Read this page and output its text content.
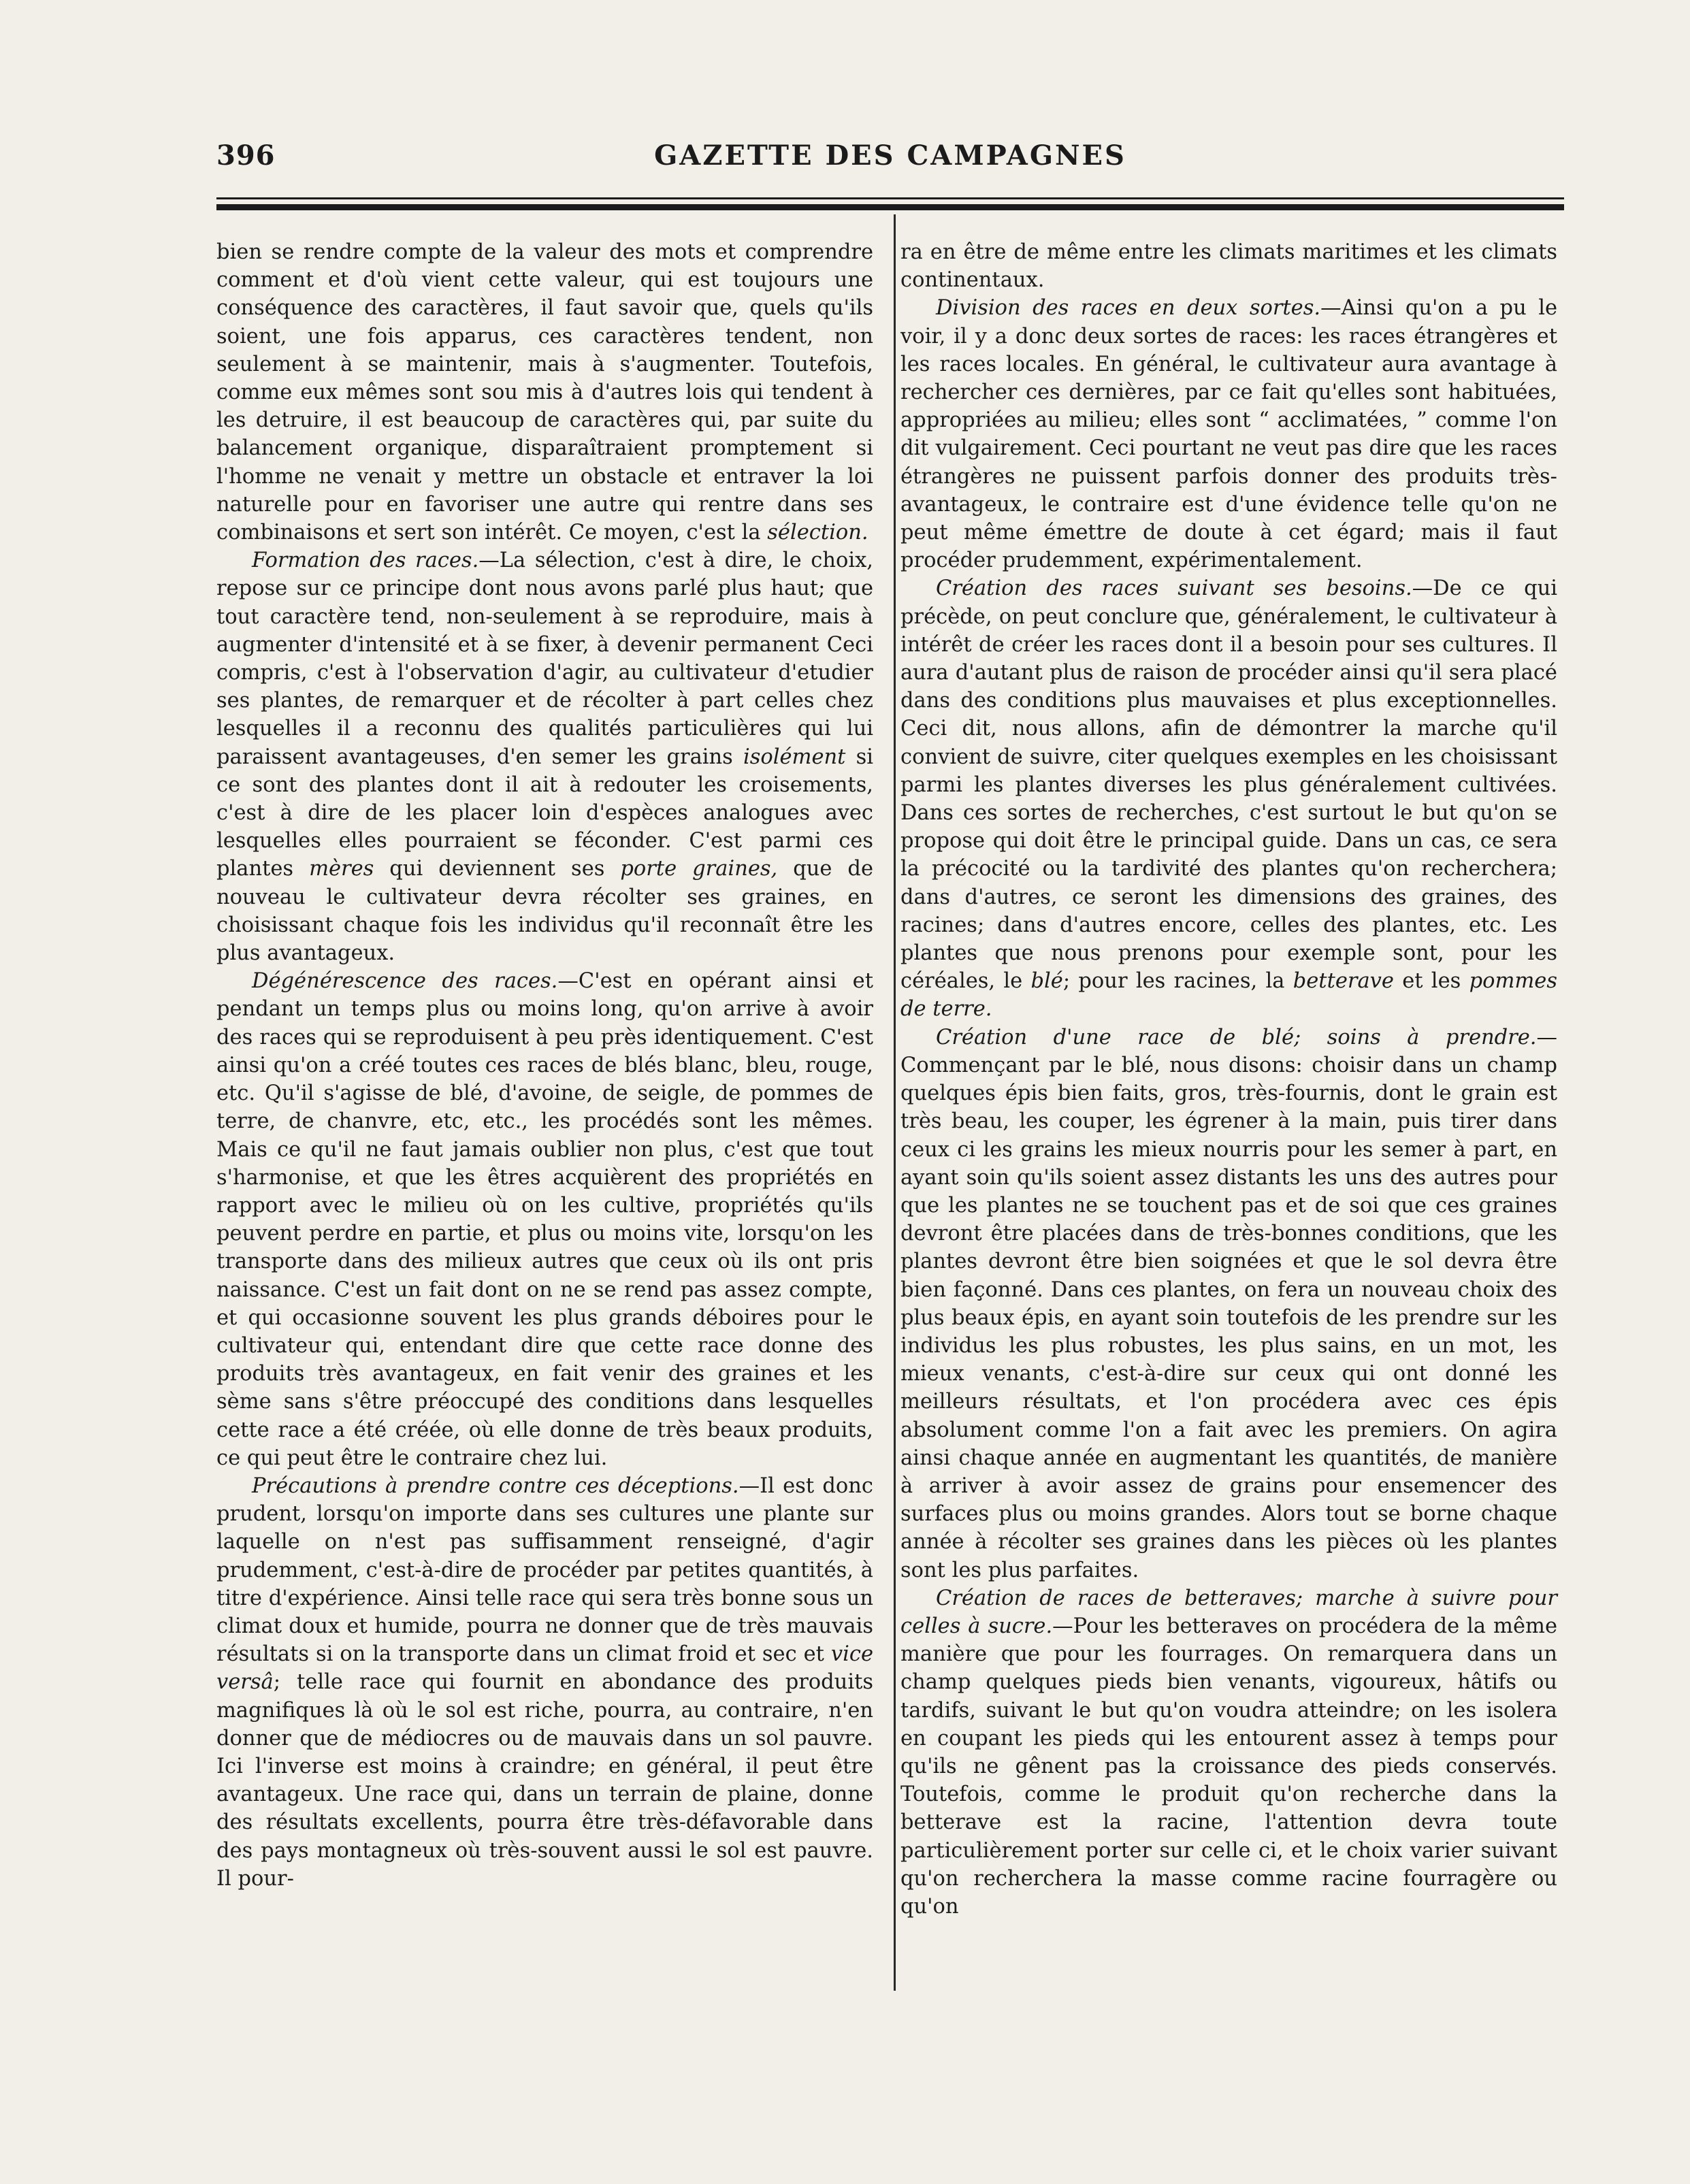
396	GAZETTE DES CAMPAGNES

bien se rendre compte de la valeur des mots et comprendre comment et d'où vient cette valeur, qui est toujours une conséquence des caractères, il faut savoir que, quels qu'ils soient, une fois apparus, ces caractères tendent, non seulement à se maintenir, mais à s'augmenter. Toutefois, comme eux mêmes sont sou mis à d'autres lois qui tendent à les detruire, il est beaucoup de caractères qui, par suite du balancement organique, disparaîtraient promptement si l'homme ne venait y mettre un obstacle et entraver la loi naturelle pour en favoriser une autre qui rentre dans ses combinaisons et sert son intérêt. Ce moyen, c'est la sélection.

Formation des races.—La sélection, c'est à dire, le choix, repose sur ce principe dont nous avons parlé plus haut; que tout caractère tend, non-seulement à se reproduire, mais à augmenter d'intensité et à se fixer, à devenir permanent Ceci compris, c'est à l'observation d'agir, au cultivateur d'etudier ses plantes, de remarquer et de récolter à part celles chez lesquelles il a reconnu des qualités particulières qui lui paraissent avantageuses, d'en semer les grains isolément si ce sont des plantes dont il ait à redouter les croisements, c'est à dire de les placer loin d'espèces analogues avec lesquelles elles pourraient se féconder. C'est parmi ces plantes mères qui deviennent ses porte graines, que de nouveau le cultivateur devra récolter ses graines, en choisissant chaque fois les individus qu'il reconnaît être les plus avantageux.

Dégénérescence des races.—C'est en opérant ainsi et pendant un temps plus ou moins long, qu'on arrive à avoir des races qui se reproduisent à peu près identiquement. C'est ainsi qu'on a créé toutes ces races de blés blanc, bleu, rouge, etc. Qu'il s'agisse de blé, d'avoine, de seigle, de pommes de terre, de chanvre, etc, etc., les procédés sont les mêmes. Mais ce qu'il ne faut jamais oublier non plus, c'est que tout s'harmonise, et que les êtres acquièrent des propriétés en rapport avec le milieu où on les cultive, propriétés qu'ils peuvent perdre en partie, et plus ou moins vite, lorsqu'on les transporte dans des milieux autres que ceux où ils ont pris naissance. C'est un fait dont on ne se rend pas assez compte, et qui occasionne souvent les plus grands déboires pour le cultivateur qui, entendant dire que cette race donne des produits très avantageux, en fait venir des graines et les sème sans s'être préoccupé des conditions dans lesquelles cette race a été créée, où elle donne de très beaux produits, ce qui peut être le contraire chez lui.

Précautions à prendre contre ces déceptions.—Il est donc prudent, lorsqu'on importe dans ses cultures une plante sur laquelle on n'est pas suffisamment renseigné, d'agir prudemment, c'est-à-dire de procéder par petites quantités, à titre d'expérience. Ainsi telle race qui sera très bonne sous un climat doux et humide, pourra ne donner que de très mauvais résultats si on la transporte dans un climat froid et sec et vice versâ; telle race qui fournit en abondance des produits magnifiques là où le sol est riche, pourra, au contraire, n'en donner que de médiocres ou de mauvais dans un sol pauvre. Ici l'inverse est moins à craindre; en général, il peut être avantageux. Une race qui, dans un terrain de plaine, donne des résultats excellents, pourra être très-défavorable dans des pays montagneux où très-souvent aussi le sol est pauvre. Il pour-

ra en être de même entre les climats maritimes et les climats continentaux.

Division des races en deux sortes.—Ainsi qu'on a pu le voir, il y a donc deux sortes de races: les races étrangères et les races locales. En général, le cultivateur aura avantage à rechercher ces dernières, par ce fait qu'elles sont habituées, appropriées au milieu; elles sont “ acclimatées, ” comme l'on dit vulgairement. Ceci pourtant ne veut pas dire que les races étrangères ne puissent parfois donner des produits très-avantageux, le contraire est d'une évidence telle qu'on ne peut même émettre de doute à cet égard; mais il faut procéder prudemment, expérimentalement.

Création des races suivant ses besoins.—De ce qui précède, on peut conclure que, généralement, le cultivateur à intérêt de créer les races dont il a besoin pour ses cultures. Il aura d'autant plus de raison de procéder ainsi qu'il sera placé dans des conditions plus mauvaises et plus exceptionnelles. Ceci dit, nous allons, afin de démontrer la marche qu'il convient de suivre, citer quelques exemples en les choisissant parmi les plantes diverses les plus généralement cultivées. Dans ces sortes de recherches, c'est surtout le but qu'on se propose qui doit être le principal guide. Dans un cas, ce sera la précocité ou la tardivité des plantes qu'on recherchera; dans d'autres, ce seront les dimensions des graines, des racines; dans d'autres encore, celles des plantes, etc. Les plantes que nous prenons pour exemple sont, pour les céréales, le blé; pour les racines, la betterave et les pommes de terre.

Création d'une race de blé; soins à prendre.—Commençant par le blé, nous disons: choisir dans un champ quelques épis bien faits, gros, très-fournis, dont le grain est très beau, les couper, les égrener à la main, puis tirer dans ceux ci les grains les mieux nourris pour les semer à part, en ayant soin qu'ils soient assez distants les uns des autres pour que les plantes ne se touchent pas et de soi que ces graines devront être placées dans de très-bonnes conditions, que les plantes devront être bien soignées et que le sol devra être bien façonné. Dans ces plantes, on fera un nouveau choix des plus beaux épis, en ayant soin toutefois de les prendre sur les individus les plus robustes, les plus sains, en un mot, les mieux venants, c'est-à-dire sur ceux qui ont donné les meilleurs résultats, et l'on procédera avec ces épis absolument comme l'on a fait avec les premiers. On agira ainsi chaque année en augmentant les quantités, de manière à arriver à avoir assez de grains pour ensemencer des surfaces plus ou moins grandes. Alors tout se borne chaque année à récolter ses graines dans les pièces où les plantes sont les plus parfaites.

Création de races de betteraves; marche à suivre pour celles à sucre.—Pour les betteraves on procédera de la même manière que pour les fourrages. On remarquera dans un champ quelques pieds bien venants, vigoureux, hâtifs ou tardifs, suivant le but qu'on voudra atteindre; on les isolera en coupant les pieds qui les entourent assez à temps pour qu'ils ne gênent pas la croissance des pieds conservés. Toutefois, comme le produit qu'on recherche dans la betterave est la racine, l'attention devra toute particulièrement porter sur celle ci, et le choix varier suivant qu'on recherchera la masse comme racine fourragère ou qu'on
